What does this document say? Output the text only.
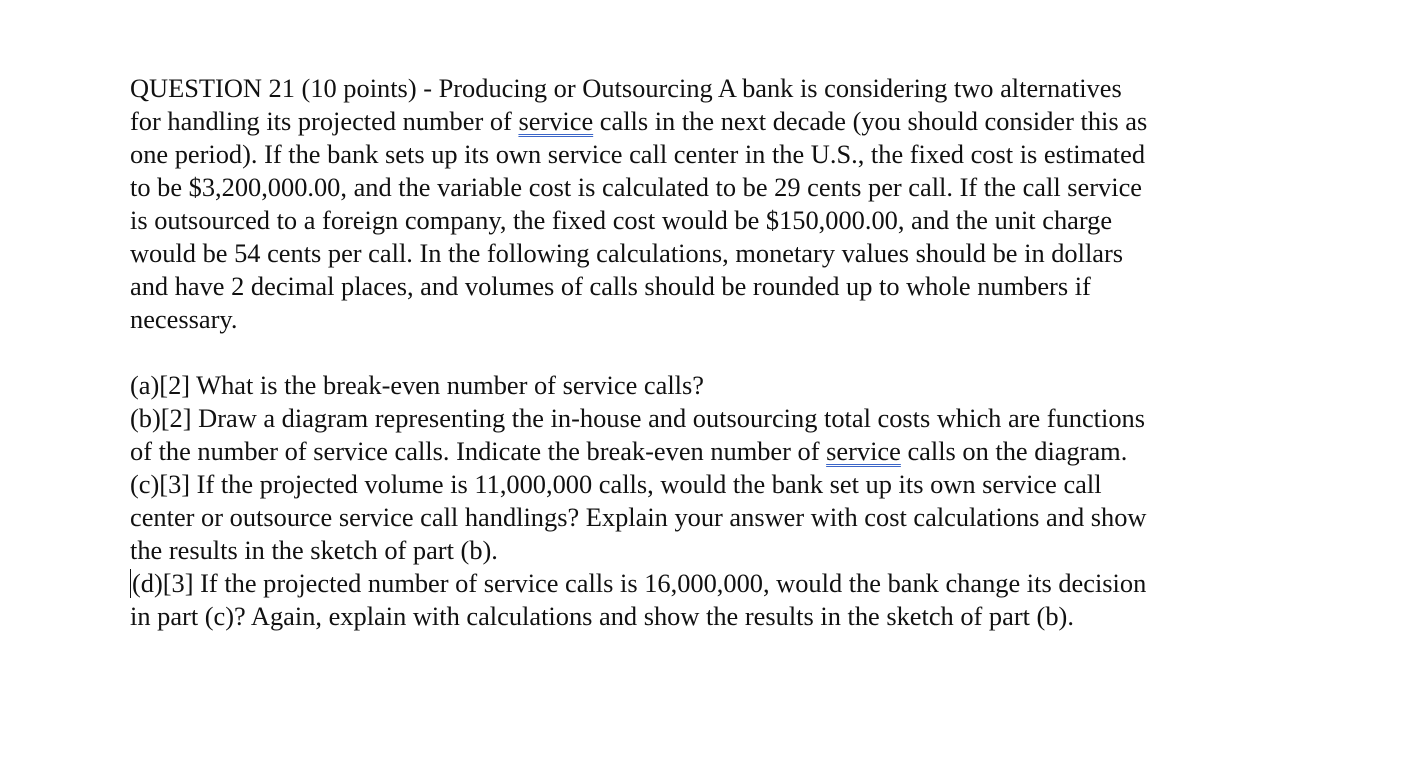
QUESTION 21 (10 points) - Producing or Outsourcing A bank is considering two alternatives
for handling its projected number of service calls in the next decade (you should consider this as
one period). If the bank sets up its own service call center in the U.S., the fixed cost is estimated
to be $3,200,000.00, and the variable cost is calculated to be 29 cents per call. If the call service
is outsourced to a foreign company, the fixed cost would be $150,000.00, and the unit charge
would be 54 cents per call. In the following calculations, monetary values should be in dollars
and have 2 decimal places, and volumes of calls should be rounded up to whole numbers if
necessary.
(a)[2] What is the break-even number of service calls?
(b)[2] Draw a diagram representing the in-house and outsourcing total costs which are functions
of the number of service calls. Indicate the break-even number of service calls on the diagram.
(c)[3] If the projected volume is 11,000,000 calls, would the bank set up its own service call
center or outsource service call handlings? Explain your answer with cost calculations and show
the results in the sketch of part (b).
(d)[3] If the projected number of service calls is 16,000,000, would the bank change its decision
in part (c)? Again, explain with calculations and show the results in the sketch of part (b).
